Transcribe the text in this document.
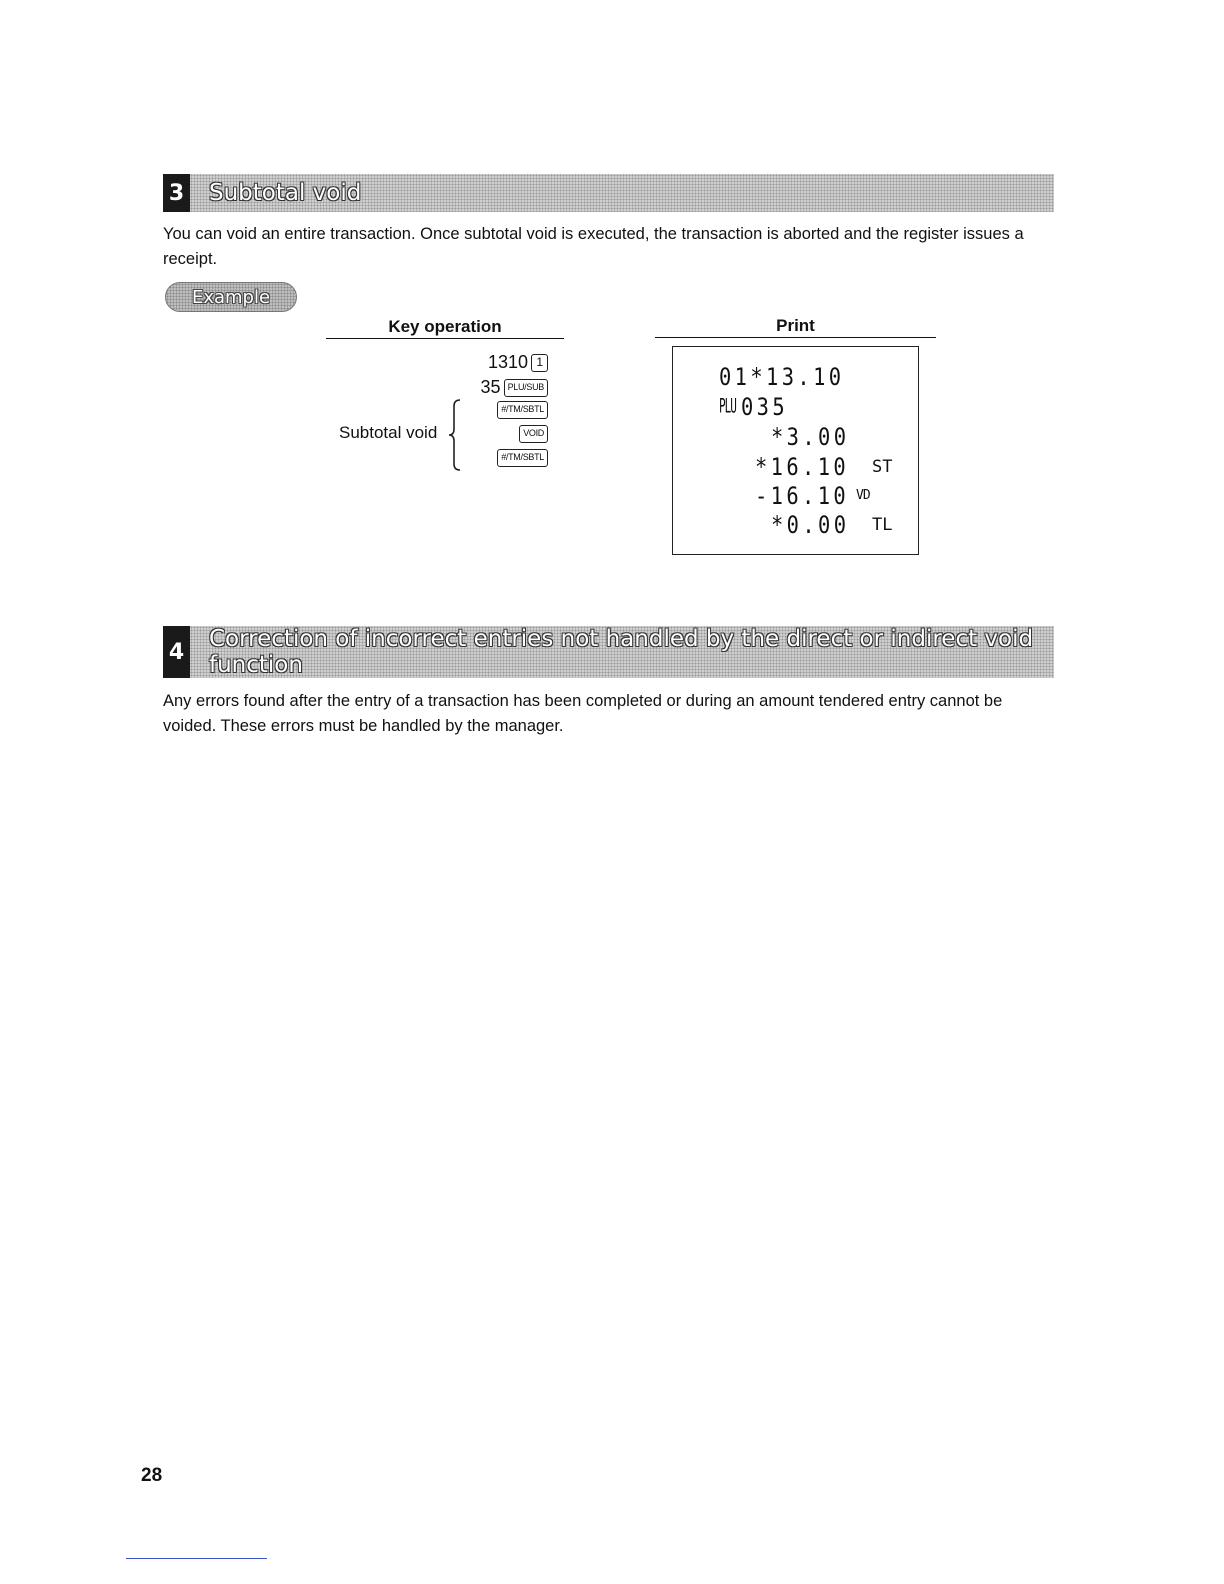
3 Subtotal void
You can void an entire transaction. Once subtotal void is executed, the transaction is aborted and the register issues a receipt.
Example
Key operation	Print
1310 1
35 PLU/SUB
#/TM/SBTL
VOID
#/TM/SBTL
Subtotal void
01*13.10
PLU 035
*3.00
*16.10 ST
-16.10 VD
*0.00 TL
4 Correction of incorrect entries not handled by the direct or indirect void
function
Any errors found after the entry of a transaction has been completed or during an amount tendered entry cannot be voided. These errors must be handled by the manager.
28
